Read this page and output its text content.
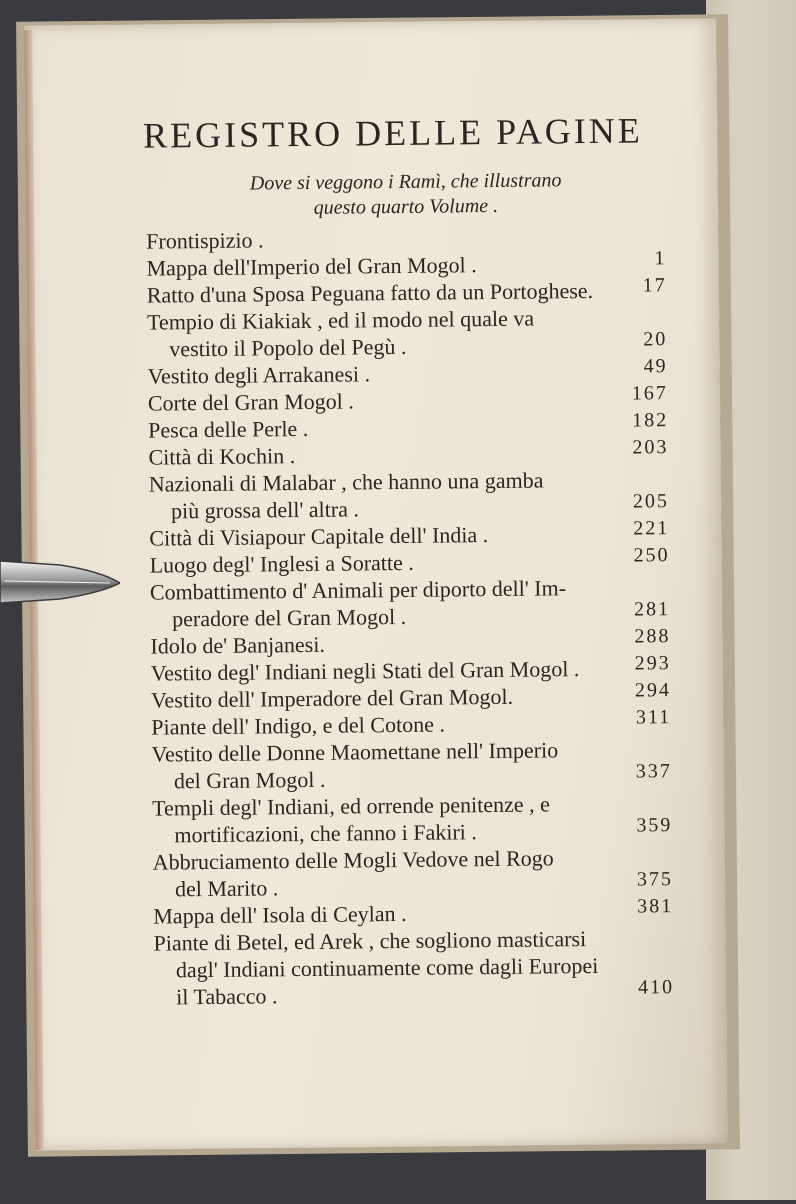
REGISTRO DELLE PAGINE
Dove si veggono i Ramì, che illustrano
questo quarto Volume .
Frontispizio .
Mappa dell'Imperio del Gran Mogol .	1
Ratto d'una Sposa Peguana fatto da un Portoghese.	17
Tempio di Kiakiak , ed il modo nel quale va
vestito il Popolo del Pegù .	20
Vestito degli Arrakanesi .	49
Corte del Gran Mogol .	167
Pesca delle Perle .	182
Città di Kochin .	203
Nazionali di Malabar , che hanno una gamba
più grossa dell' altra .	205
Città di Visiapour Capitale dell' India .	221
Luogo degl' Inglesi a Soratte .	250
Combattimento d' Animali per diporto dell' Im-
peradore del Gran Mogol .	281
Idolo de' Banjanesi.	288
Vestito degl' Indiani negli Stati del Gran Mogol .	293
Vestito dell' Imperadore del Gran Mogol.	294
Piante dell' Indigo, e del Cotone .	311
Vestito delle Donne Maomettane nell' Imperio
del Gran Mogol .	337
Templi degl' Indiani, ed orrende penitenze , e
mortificazioni, che fanno i Fakiri .	359
Abbruciamento delle Mogli Vedove nel Rogo
del Marito .	375
Mappa dell' Isola di Ceylan .	381
Piante di Betel, ed Arek , che sogliono masticarsi
dagl' Indiani continuamente come dagli Europei
il Tabacco .	410
